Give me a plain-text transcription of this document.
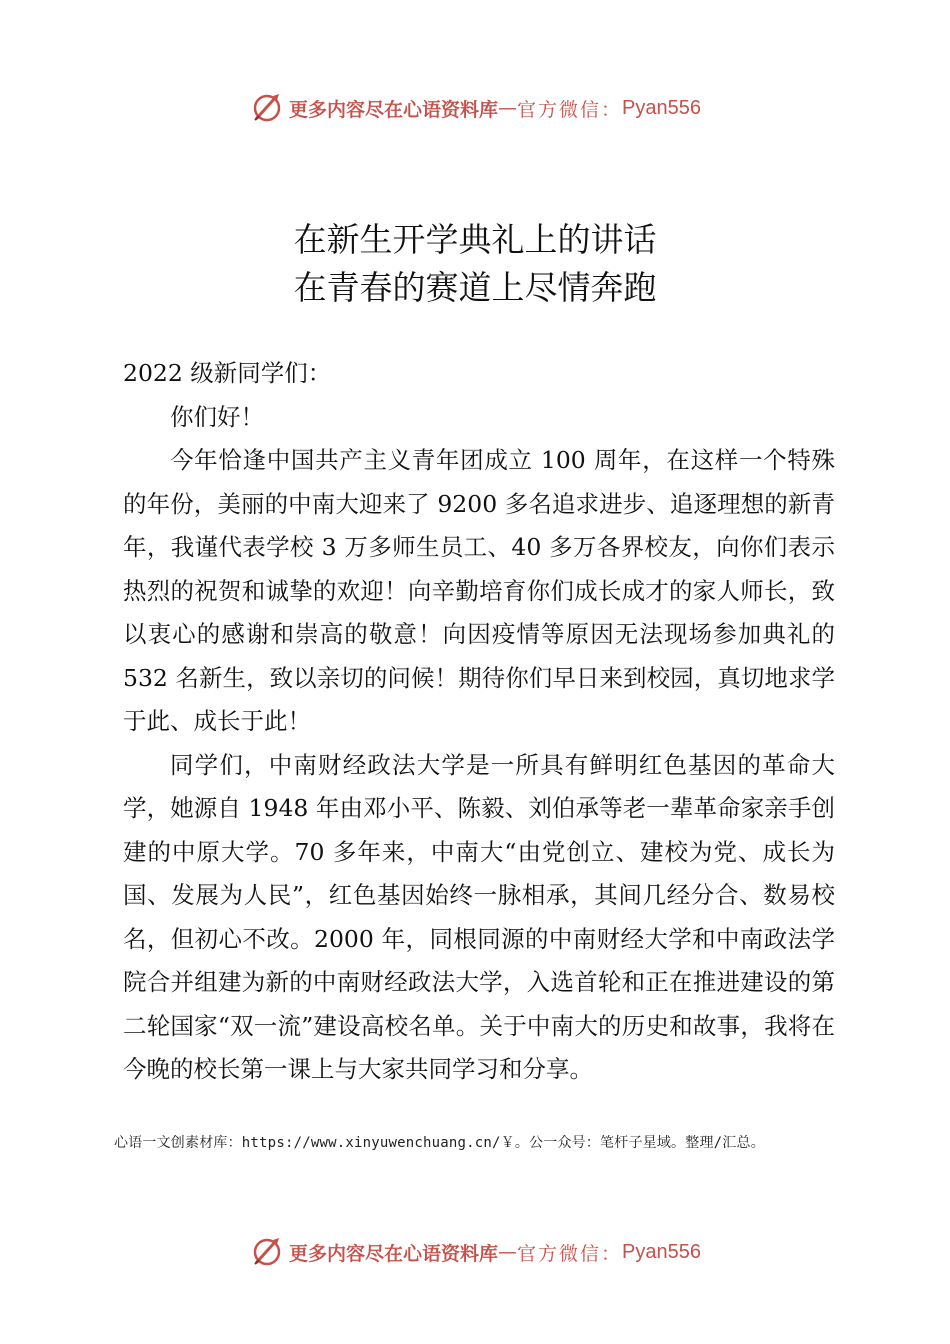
更多内容尽在心语资料库 — 官方微信： Pyan556
在新生开学典礼上的讲话
在青春的赛道上尽情奔跑

2022 级新同学们：

你们好！

今年恰逢中国共产主义青年团成立 100 周年，在这样一个特殊的年份，美丽的中南大迎来了 9200 多名追求进步、追逐理想的新青年，我谨代表学校 3 万多师生员工、40 多万各界校友，向你们表示热烈的祝贺和诚挚的欢迎！向辛勤培育你们成长成才的家人师长，致以衷心的感谢和崇高的敬意！向因疫情等原因无法现场参加典礼的 532 名新生，致以亲切的问候！期待你们早日来到校园，真切地求学于此、成长于此！

同学们，中南财经政法大学是一所具有鲜明红色基因的革命大学，她源自 1948 年由邓小平、陈毅、刘伯承等老一辈革命家亲手创建的中原大学。70 多年来，中南大“由党创立、建校为党、成长为国、发展为人民”，红色基因始终一脉相承，其间几经分合、数易校名，但初心不改。2000 年，同根同源的中南财经大学和中南政法学院合并组建为新的中南财经政法大学，入选首轮和正在推进建设的第二轮国家“双一流”建设高校名单。关于中南大的历史和故事，我将在今晚的校长第一课上与大家共同学习和分享。

心语一文创素材库：https://www.xinyuwenchuang.cn/￥。公一众号：笔杆子星域。整理/汇总。
更多内容尽在心语资料库 — 官方微信： Pyan556
